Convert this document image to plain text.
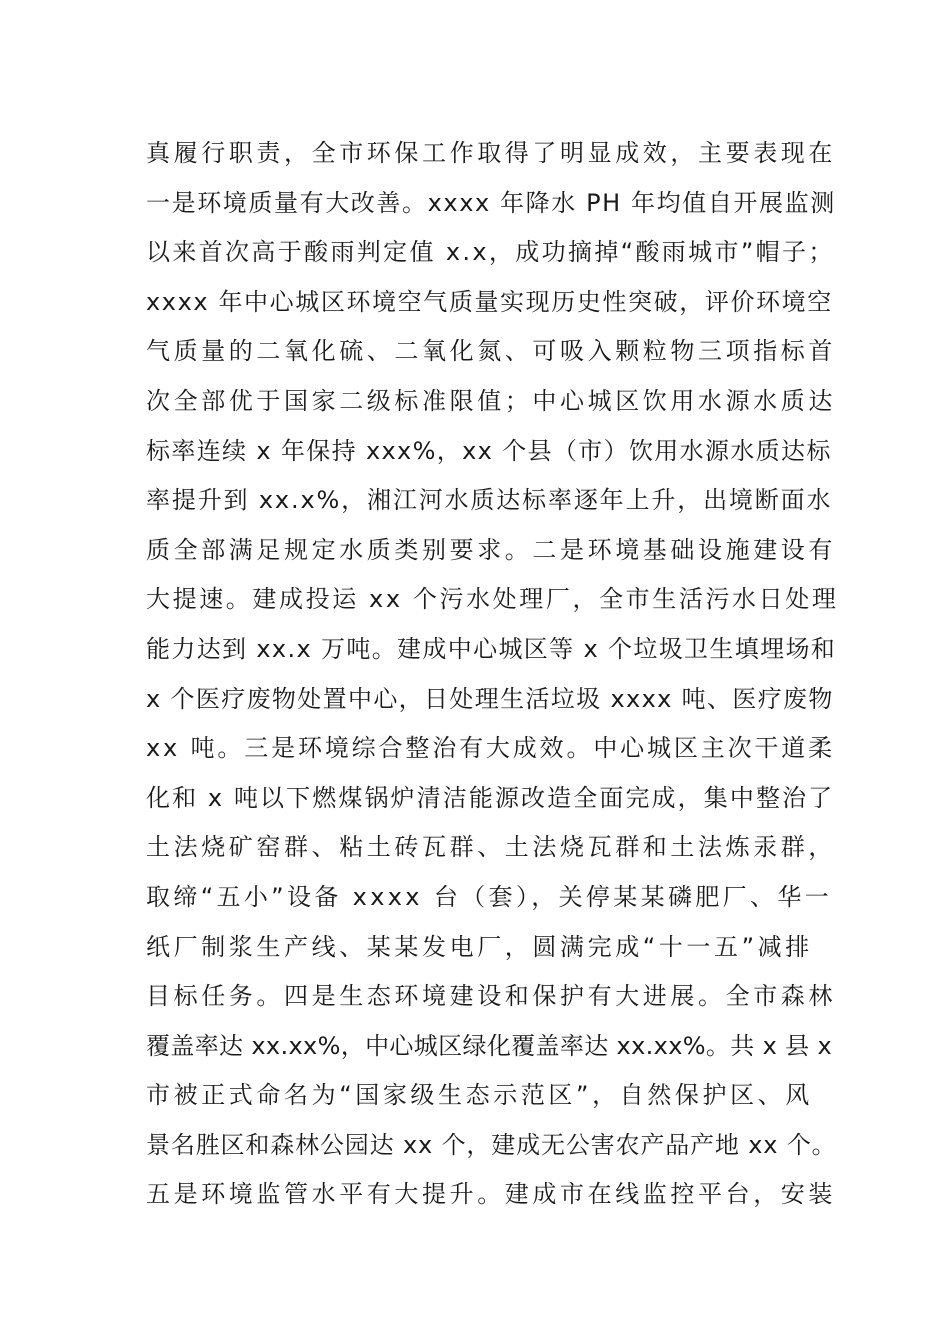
真履行职责，全市环保工作取得了明显成效，主要表现在
一是环境质量有大改善。xxxx 年降水 PH 年均值自开展监测
以来首次高于酸雨判定值 x.x，成功摘掉“酸雨城市”帽子；
xxxx 年中心城区环境空气质量实现历史性突破，评价环境空
气质量的二氧化硫、二氧化氮、可吸入颗粒物三项指标首
次全部优于国家二级标准限值；中心城区饮用水源水质达
标率连续 x 年保持 xxx%，xx 个县（市）饮用水源水质达标
率提升到 xx.x%，湘江河水质达标率逐年上升，出境断面水
质全部满足规定水质类别要求。二是环境基础设施建设有
大提速。建成投运 xx 个污水处理厂，全市生活污水日处理
能力达到 xx.x 万吨。建成中心城区等 x 个垃圾卫生填埋场和
x 个医疗废物处置中心，日处理生活垃圾 xxxx 吨、医疗废物
xx 吨。三是环境综合整治有大成效。中心城区主次干道柔
化和 x 吨以下燃煤锅炉清洁能源改造全面完成，集中整治了
土法烧矿窑群、粘土砖瓦群、土法烧瓦群和土法炼汞群，
取缔“五小”设备 xxxx 台（套），关停某某磷肥厂、华一
纸厂制浆生产线、某某发电厂，圆满完成“十一五”减排
目标任务。四是生态环境建设和保护有大进展。全市森林
覆盖率达 xx.xx%，中心城区绿化覆盖率达 xx.xx%。共 x 县 x
市被正式命名为“国家级生态示范区”，自然保护区、风
景名胜区和森林公园达 xx 个，建成无公害农产品产地 xx 个。
五是环境监管水平有大提升。建成市在线监控平台，安装
